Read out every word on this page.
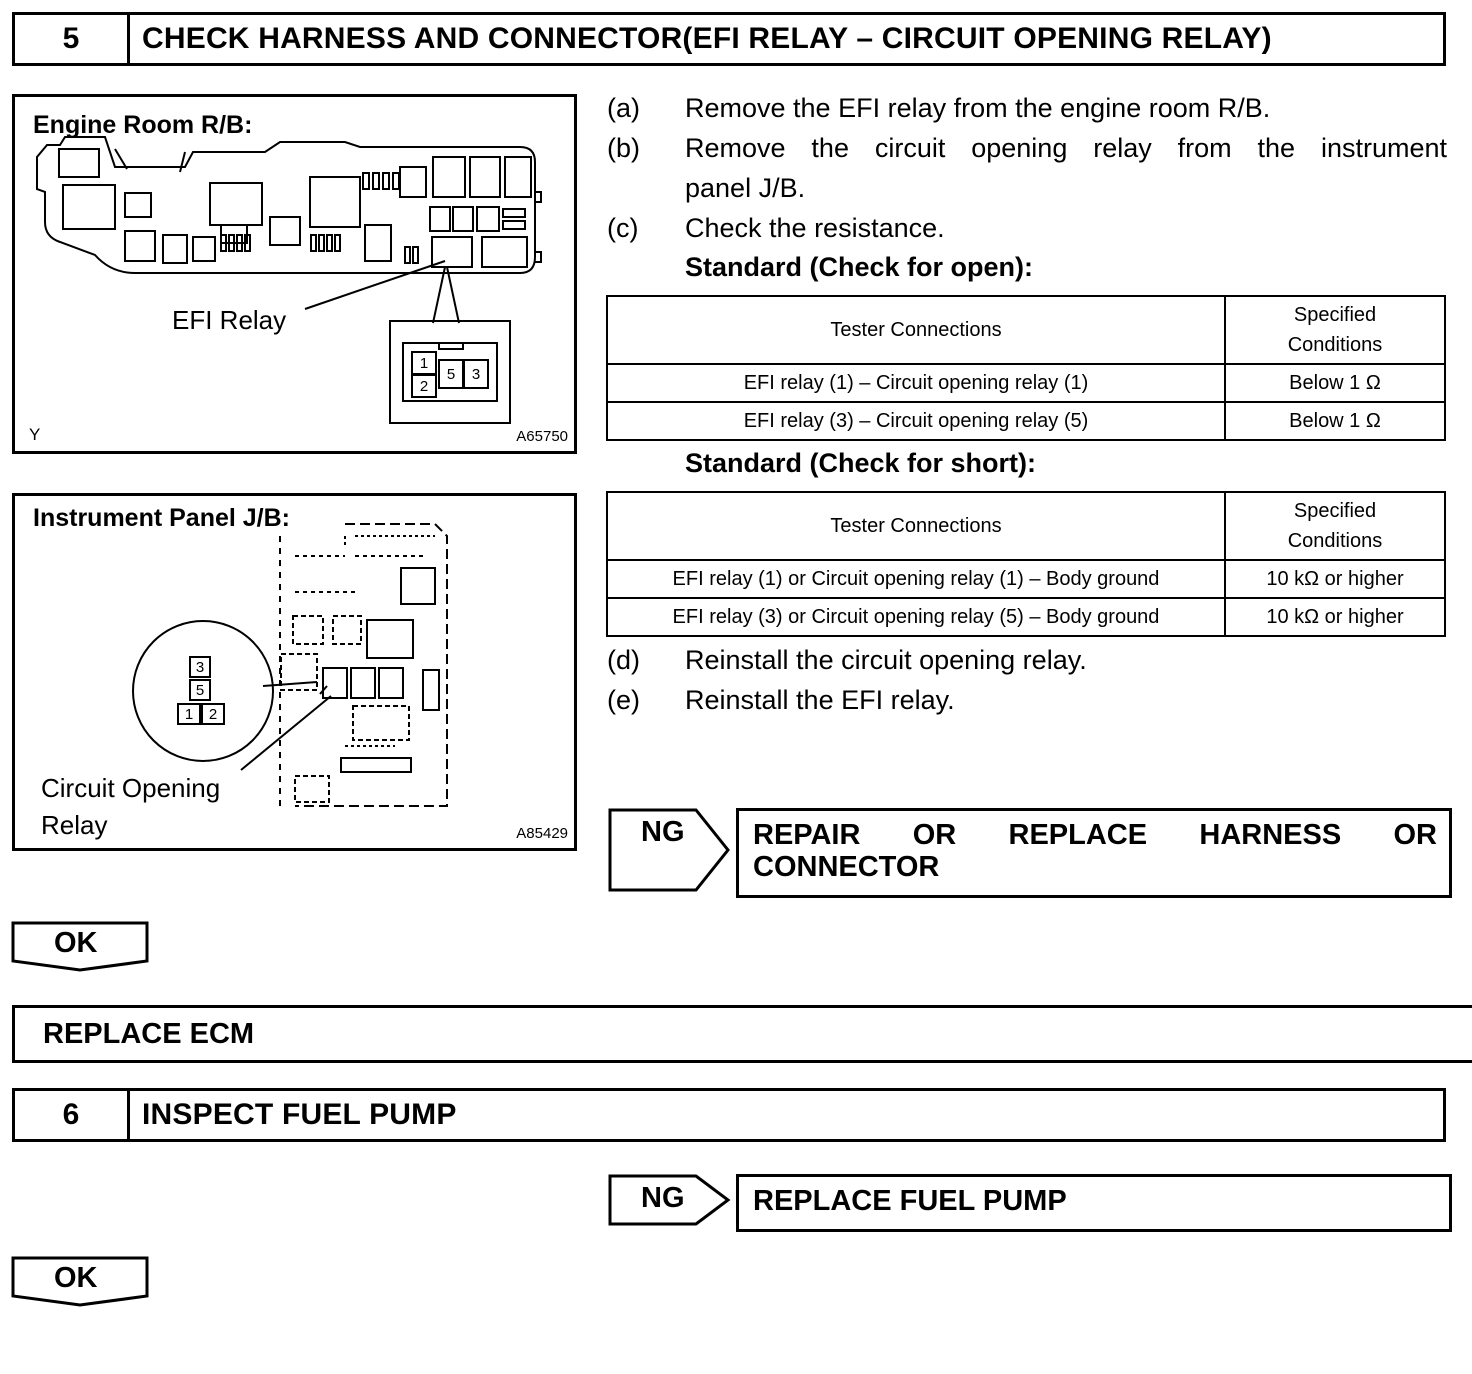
5	CHECK HARNESS AND CONNECTOR(EFI RELAY – CIRCUIT OPENING RELAY)
Engine Room R/B:
1
2
5	3
EFI Relay
Y	A65750
Instrument Panel J/B:
3
5
1	2
Circuit Opening
Relay	A85429
(a) Remove the EFI relay from the engine room R/B.
(b) Remove the circuit opening relay from the instrument
panel J/B.
(c) Check the resistance.
Standard (Check for open):
Tester Connections	Specified
Conditions

EFI relay (1) – Circuit opening relay (1)	Below 1 Ω
EFI relay (3) – Circuit opening relay (5)	Below 1 Ω
Standard (Check for short):
Tester Connections	Specified
Conditions

EFI relay (1) or Circuit opening relay (1) – Body ground	10 kΩ or higher
EFI relay (3) or Circuit opening relay (5) – Body ground	10 kΩ or higher
(d) Reinstall the circuit opening relay.
(e) Reinstall the EFI relay.
NG REPAIR OR REPLACE HARNESS OR
CONNECTOR
OK
REPLACE ECM
6	INSPECT FUEL PUMP
NG REPLACE FUEL PUMP
OK
